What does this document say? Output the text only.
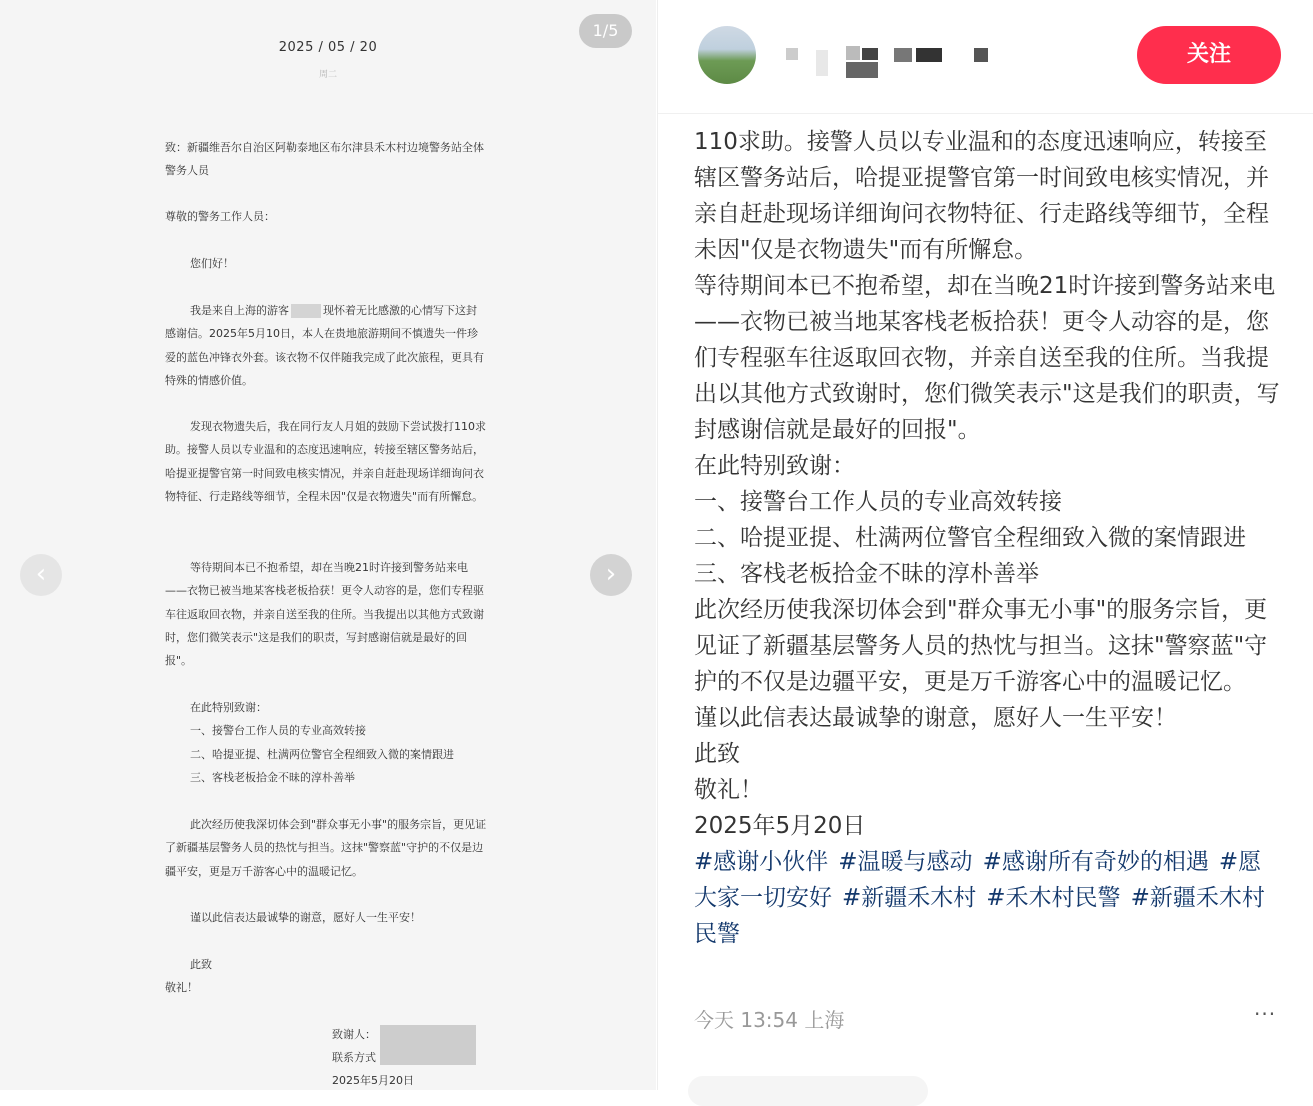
2025 / 05 / 20
周二
致：新疆维吾尔自治区阿勒泰地区布尔津县禾木村边境警务站全体警务人员
尊敬的警务工作人员：
您们好！
我是来自上海的游客	现怀着无比感激的心情写下这封感谢信。2025年5月10日，本人在贵地旅游期间不慎遗失一件珍爱的蓝色冲锋衣外套。该衣物不仅伴随我完成了此次旅程，更具有特殊的情感价值。
发现衣物遗失后，我在同行友人月姐的鼓励下尝试拨打110求助。接警人员以专业温和的态度迅速响应，转接至辖区警务站后，哈提亚提警官第一时间致电核实情况，并亲自赶赴现场详细询问衣物特征、行走路线等细节，全程未因"仅是衣物遗失"而有所懈怠。
等待期间本已不抱希望，却在当晚21时许接到警务站来电——衣物已被当地某客栈老板拾获！更令人动容的是，您们专程驱车往返取回衣物，并亲自送至我的住所。当我提出以其他方式致谢时，您们微笑表示"这是我们的职责，写封感谢信就是最好的回报"。
在此特别致谢：
一、接警台工作人员的专业高效转接
二、哈提亚提、杜满两位警官全程细致入微的案情跟进
三、客栈老板拾金不昧的淳朴善举
此次经历使我深切体会到"群众事无小事"的服务宗旨，更见证了新疆基层警务人员的热忱与担当。这抹"警察蓝"守护的不仅是边疆平安，更是万千游客心中的温暖记忆。
谨以此信表达最诚挚的谢意，愿好人一生平安！
此致
敬礼！
致谢人：
联系方式
2025年5月20日
1/5
‹	›
关注

110求助。接警人员以专业温和的态度迅速响应，转接至辖区警务站后，哈提亚提警官第一时间致电核实情况，并亲自赶赴现场详细询问衣物特征、行走路线等细节，全程未因"仅是衣物遗失"而有所懈怠。

等待期间本已不抱希望，却在当晚21时许接到警务站来电——衣物已被当地某客栈老板拾获！更令人动容的是，您们专程驱车往返取回衣物，并亲自送至我的住所。当我提出以其他方式致谢时，您们微笑表示"这是我们的职责，写封感谢信就是最好的回报"。

在此特别致谢：

一、接警台工作人员的专业高效转接

二、哈提亚提、杜满两位警官全程细致入微的案情跟进

三、客栈老板拾金不昧的淳朴善举

此次经历使我深切体会到"群众事无小事"的服务宗旨，更见证了新疆基层警务人员的热忱与担当。这抹"警察蓝"守护的不仅是边疆平安，更是万千游客心中的温暖记忆。

谨以此信表达最诚挚的谢意，愿好人一生平安！

此致

敬礼！

2025年5月20日

#感谢小伙伴 #温暖与感动 #感谢所有奇妙的相遇 #愿大家一切安好 #新疆禾木村 #禾木村民警 #新疆禾木村民警

今天 13:54 上海	···
